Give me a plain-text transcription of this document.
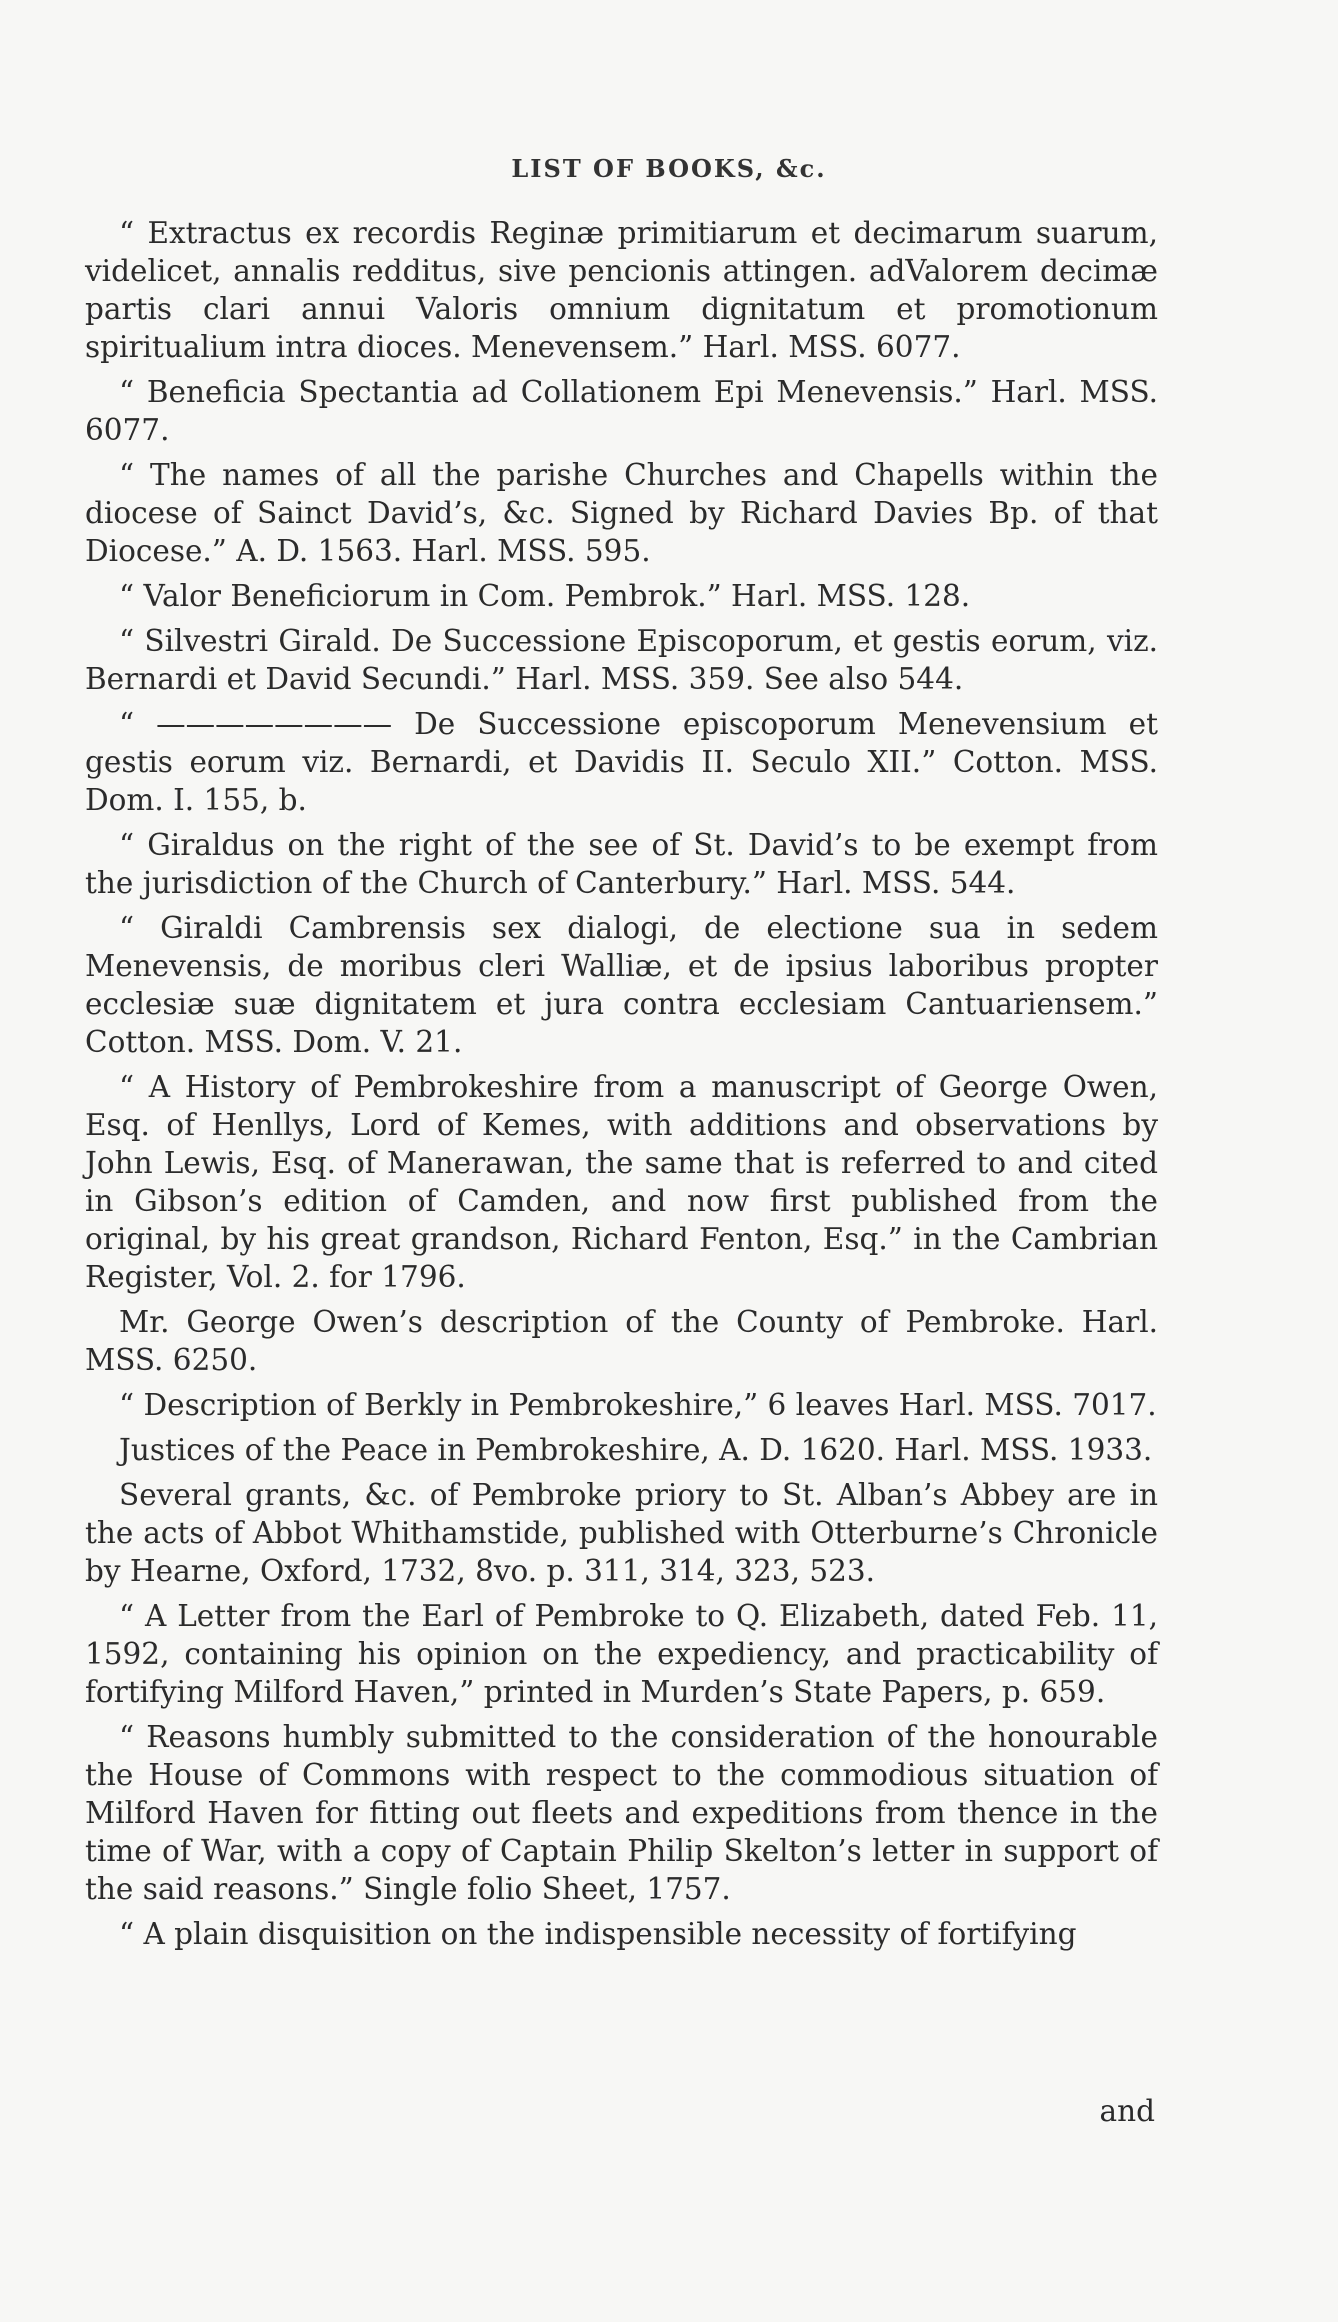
LIST OF BOOKS, &c.

“ Extractus ex recordis Reginæ primitiarum et decimarum suarum, videlicet, annalis redditus, sive pencionis attingen. adValorem decimæ partis clari annui Valoris omnium dignitatum et promotionum spiritualium intra dioces. Menevensem.” Harl. MSS. 6077.

“ Beneficia Spectantia ad Collationem Epi Menevensis.” Harl. MSS. 6077.

“ The names of all the parishe Churches and Chapells within the diocese of Sainct David’s, &c. Signed by Richard Davies Bp. of that Diocese.” A. D. 1563. Harl. MSS. 595.

“ Valor Beneficiorum in Com. Pembrok.” Harl. MSS. 128.

“ Silvestri Girald. De Successione Episcoporum, et gestis eorum, viz. Bernardi et David Secundi.” Harl. MSS. 359. See also 544.

“ ———————— De Successione episcoporum Menevensium et gestis eorum viz. Bernardi, et Davidis II. Seculo XII.” Cotton. MSS. Dom. I. 155, b.

“ Giraldus on the right of the see of St. David’s to be exempt from the jurisdiction of the Church of Canterbury.” Harl. MSS. 544.

“ Giraldi Cambrensis sex dialogi, de electione sua in sedem Menevensis, de moribus cleri Walliæ, et de ipsius laboribus propter ecclesiæ suæ dignitatem et jura contra ecclesiam Cantuariensem.” Cotton. MSS. Dom. V. 21.

“ A History of Pembrokeshire from a manuscript of George Owen, Esq. of Henllys, Lord of Kemes, with additions and observations by John Lewis, Esq. of Manerawan, the same that is referred to and cited in Gibson’s edition of Camden, and now first published from the original, by his great grandson, Richard Fenton, Esq.” in the Cambrian Register, Vol. 2. for 1796.

Mr. George Owen’s description of the County of Pembroke. Harl. MSS. 6250.

“ Description of Berkly in Pembrokeshire,” 6 leaves Harl. MSS. 7017.

Justices of the Peace in Pembrokeshire, A. D. 1620. Harl. MSS. 1933.

Several grants, &c. of Pembroke priory to St. Alban’s Abbey are in the acts of Abbot Whithamstide, published with Otterburne’s Chronicle by Hearne, Oxford, 1732, 8vo. p. 311, 314, 323, 523.

“ A Letter from the Earl of Pembroke to Q. Elizabeth, dated Feb. 11, 1592, containing his opinion on the expediency, and practicability of fortifying Milford Haven,” printed in Murden’s State Papers, p. 659.

“ Reasons humbly submitted to the consideration of the honourable the House of Commons with respect to the commodious situation of Milford Haven for fitting out fleets and expeditions from thence in the time of War, with a copy of Captain Philip Skelton’s letter in support of the said reasons.” Single folio Sheet, 1757.

“ A plain disquisition on the indispensible necessity of fortifying

and
